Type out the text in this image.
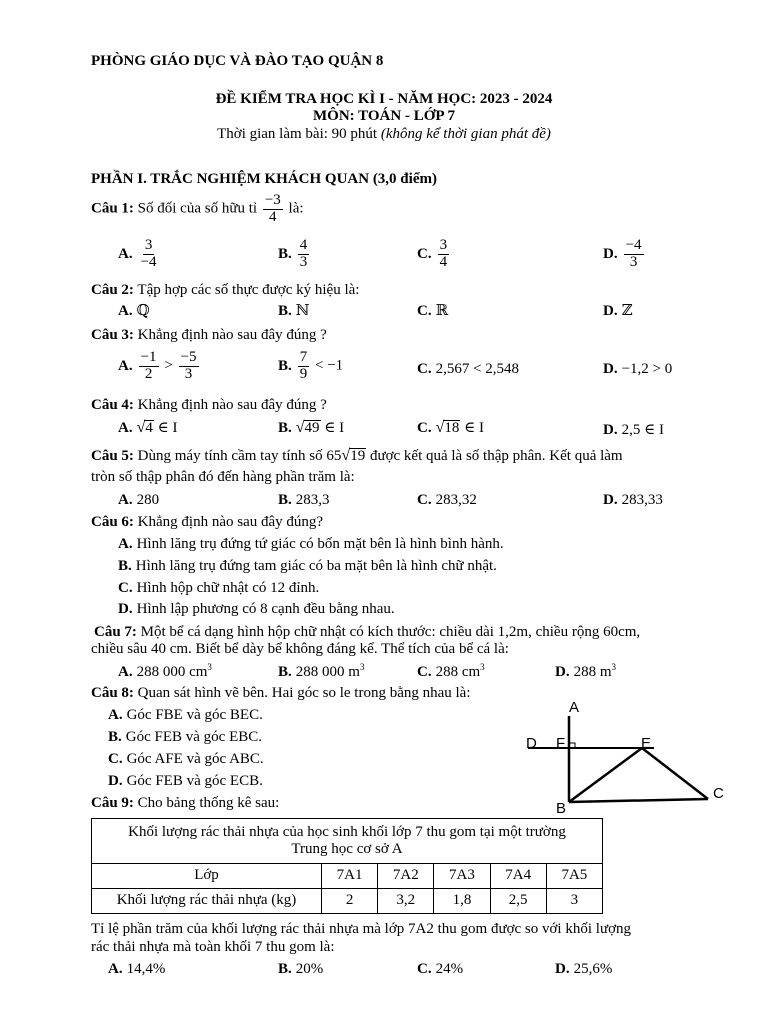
PHÒNG GIÁO DỤC VÀ ĐÀO TẠO QUẬN 8
ĐỀ KIỂM TRA HỌC KÌ I - NĂM HỌC: 2023 - 2024
MÔN: TOÁN - LỚP 7
Thời gian làm bài: 90 phút (không kể thời gian phát đề)
PHẦN I. TRẮC NGHIỆM KHÁCH QUAN (3,0 điểm)
Câu 1: Số đối của số hữu tỉ $\frac{-3}{4}$ là:
A. $\frac{3}{-4}$	B. $\frac{4}{3}$	C. $\frac{3}{4}$	D. $\frac{-4}{3}$
Câu 2: Tập hợp các số thực được ký hiệu là:
A. ℚ	B. ℕ	C. ℝ	D. ℤ
Câu 3: Khẳng định nào sau đây đúng ?
A. $\frac{-1}{2} > \frac{-5}{3}$	B. $\frac{7}{9} < -1$	C. 2,567 < 2,548	D. −1,2 > 0
Câu 4: Khẳng định nào sau đây đúng ?
A. √ 4 ∈ I	B. √ 49 ∈ I	C. √ 18 ∈ I	D. 2,5 ∈ I
Câu 5: Dùng máy tính cầm tay tính số 65 √ 19 được kết quả là số thập phân. Kết quả làm
tròn số thập phân đó đến hàng phần trăm là:
A. 280	B. 283,3	C. 283,32	D. 283,33
Câu 6: Khẳng định nào sau đây đúng?
A. Hình lăng trụ đứng tứ giác có bốn mặt bên là hình bình hành.
B. Hình lăng trụ đứng tam giác có ba mặt bên là hình chữ nhật.
C. Hình hộp chữ nhật có 12 đỉnh.
D. Hình lập phương có 8 cạnh đều bằng nhau.
Câu 7: Một bể cá dạng hình hộp chữ nhật có kích thước: chiều dài 1,2m, chiều rộng 60cm,
chiều sâu 40 cm. Biết bể dày bể không đáng kể. Thể tích của bể cá là:
A. 288 000 $cm^3$	B. 288 000 $m^3$	C. 288 $cm^3$	D. 288 $m^3$
Câu 8: Quan sát hình vẽ bên. Hai góc so le trong bằng nhau là:
A. Góc FBE và góc BEC.
B. Góc FEB và góc EBC.
C. Góc AFE và góc ABC.
D. Góc FEB và góc ECB.
A
D F	E
B
C
Câu 9: Cho bảng thống kê sau:
Khối lượng rác thải nhựa của học sinh khối lớp 7 thu gom tại một trường
Trung học cơ sở A					

Lớp	7A1	7A2	7A3	7A4	7A5
Khối lượng rác thải nhựa (kg)	2	3,2	1,8	2,5	3
Tỉ lệ phần trăm của khối lượng rác thải nhựa mà lớp 7A2 thu gom được so với khối lượng
rác thải nhựa mà toàn khối 7 thu gom là:
A. 14,4%	B. 20%	C. 24%	D. 25,6%
